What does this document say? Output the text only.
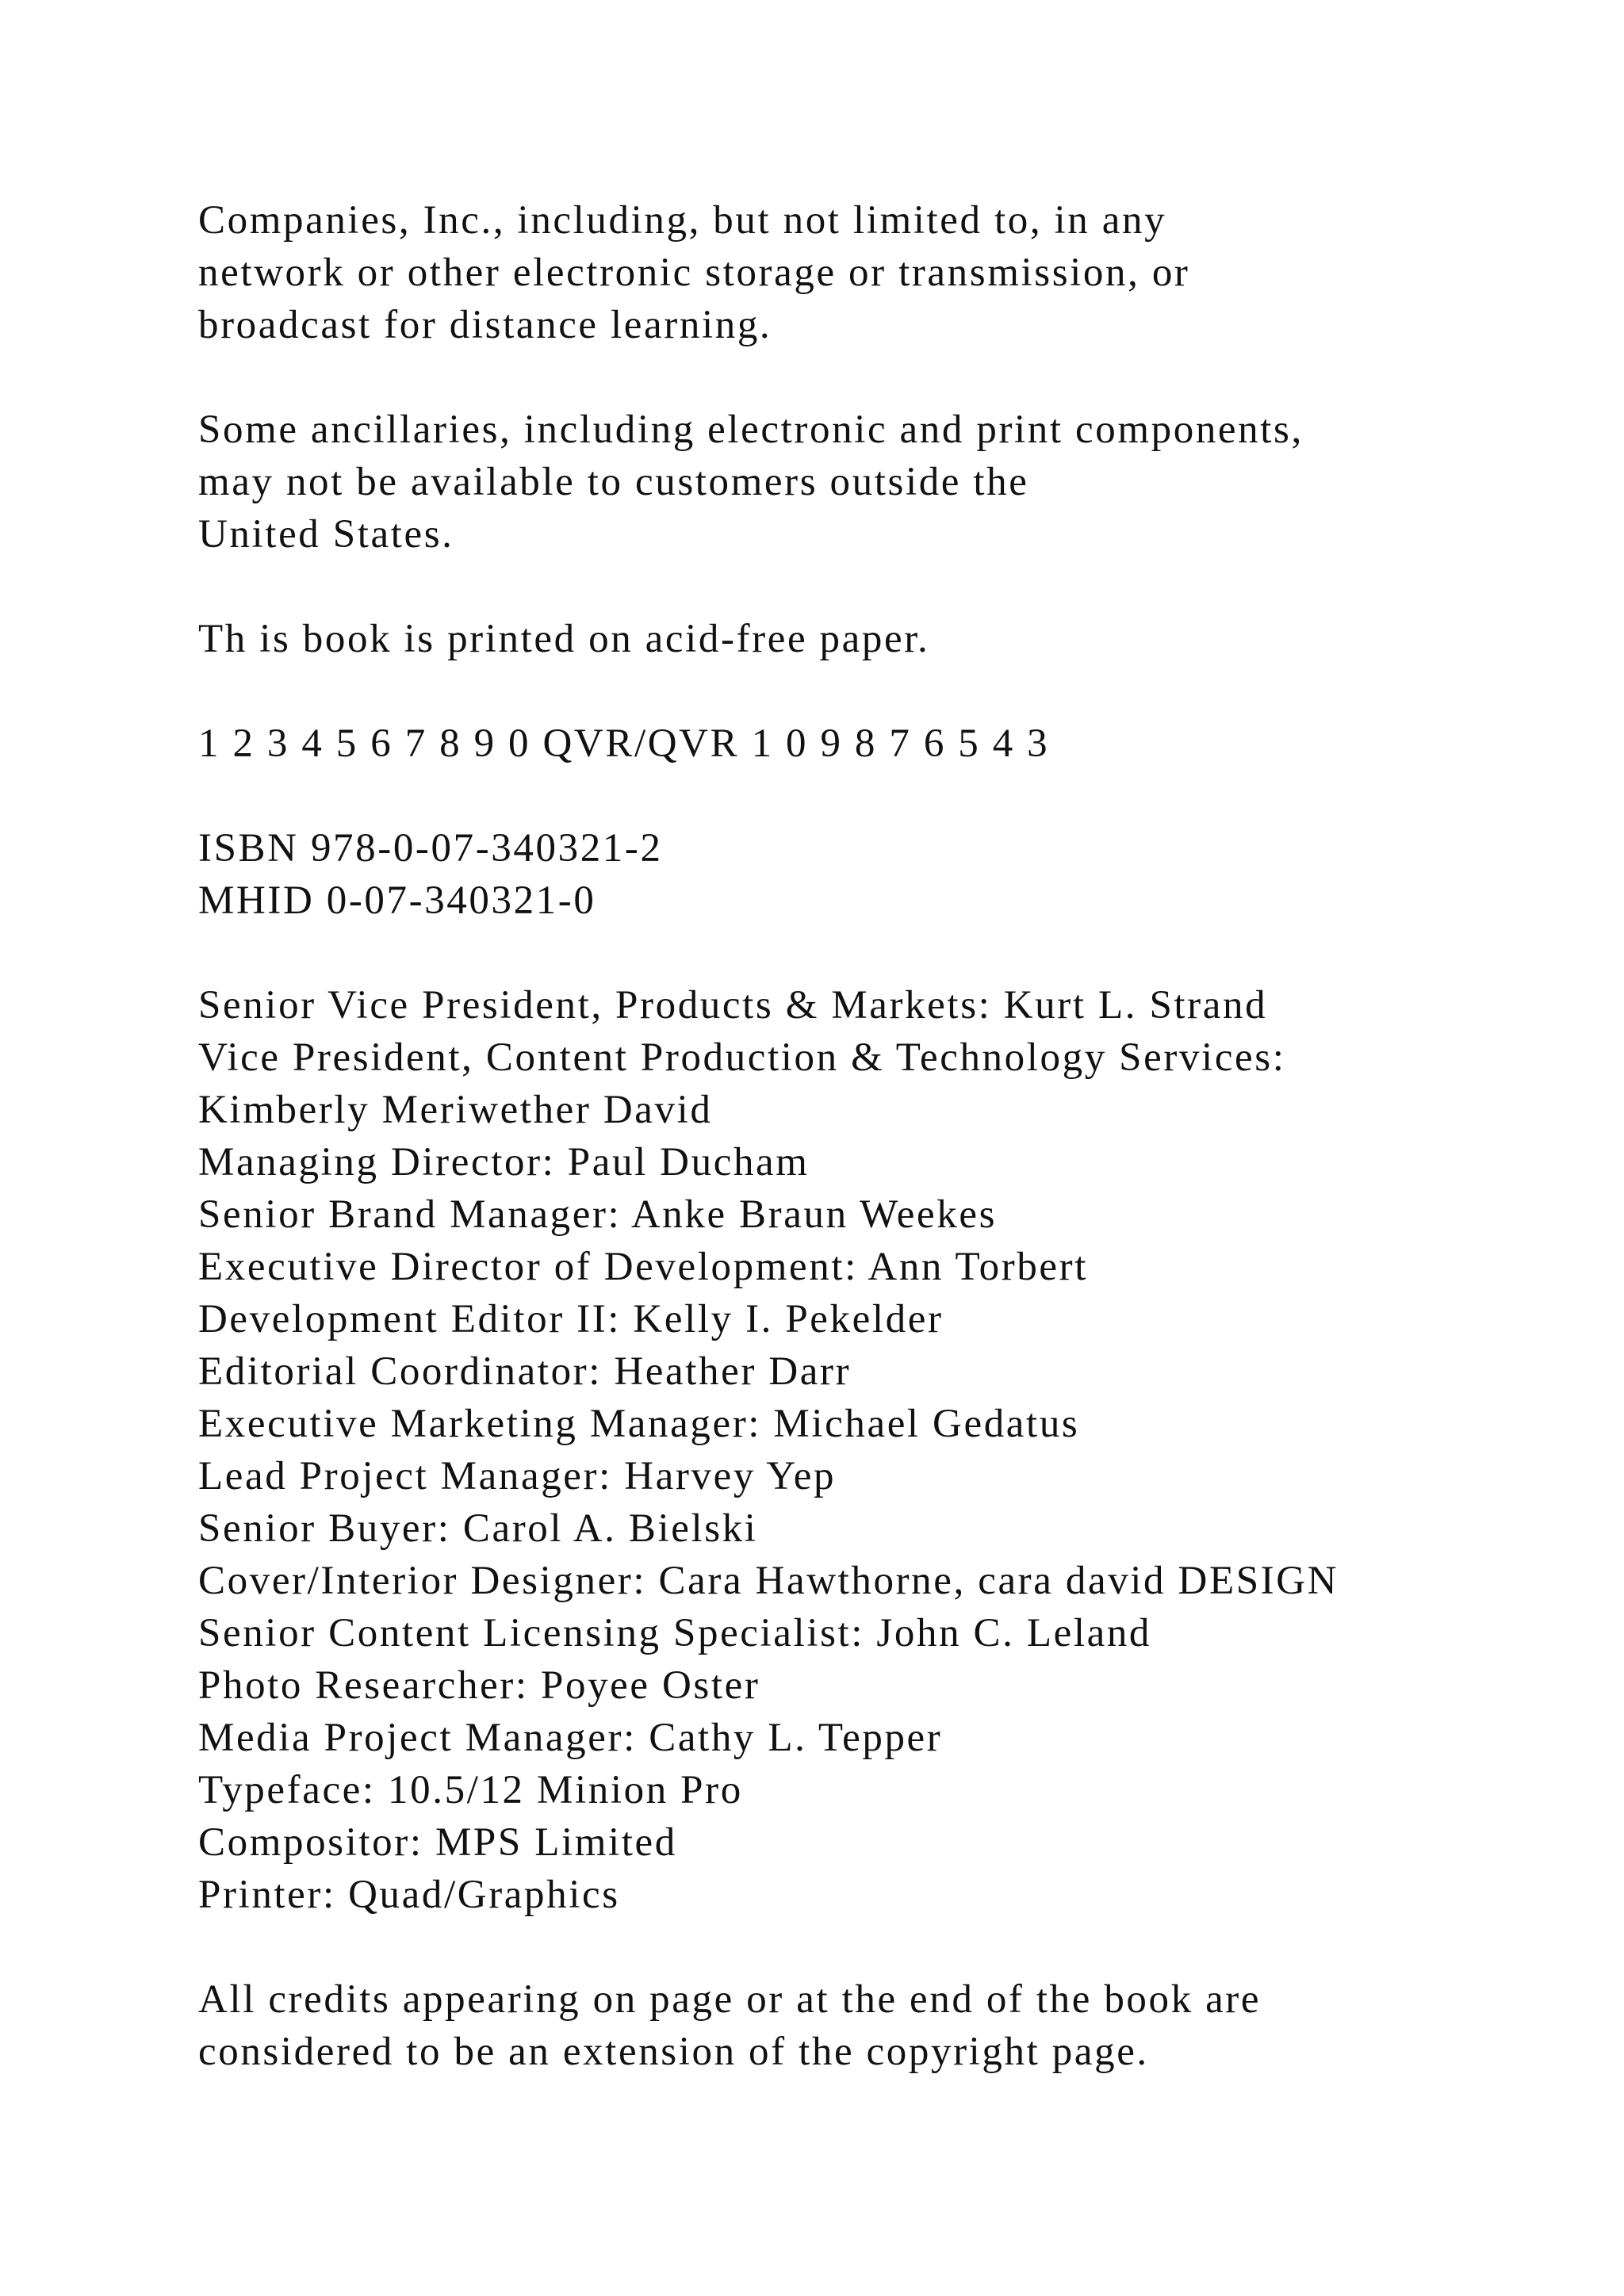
Companies, Inc., including, but not limited to, in any
network or other electronic storage or transmission, or
broadcast for distance learning.

Some ancillaries, including electronic and print components,
may not be available to customers outside the
United States.

Th is book is printed on acid-free paper.

1 2 3 4 5 6 7 8 9 0 QVR/QVR 1 0 9 8 7 6 5 4 3

ISBN 978-0-07-340321-2
MHID 0-07-340321-0

Senior Vice President, Products & Markets: Kurt L. Strand
Vice President, Content Production & Technology Services:
Kimberly Meriwether David
Managing Director: Paul Ducham
Senior Brand Manager: Anke Braun Weekes
Executive Director of Development: Ann Torbert
Development Editor II: Kelly I. Pekelder
Editorial Coordinator: Heather Darr
Executive Marketing Manager: Michael Gedatus
Lead Project Manager: Harvey Yep
Senior Buyer: Carol A. Bielski
Cover/Interior Designer: Cara Hawthorne, cara david DESIGN
Senior Content Licensing Specialist: John C. Leland
Photo Researcher: Poyee Oster
Media Project Manager: Cathy L. Tepper
Typeface: 10.5/12 Minion Pro
Compositor: MPS Limited
Printer: Quad/Graphics

All credits appearing on page or at the end of the book are
considered to be an extension of the copyright page.
